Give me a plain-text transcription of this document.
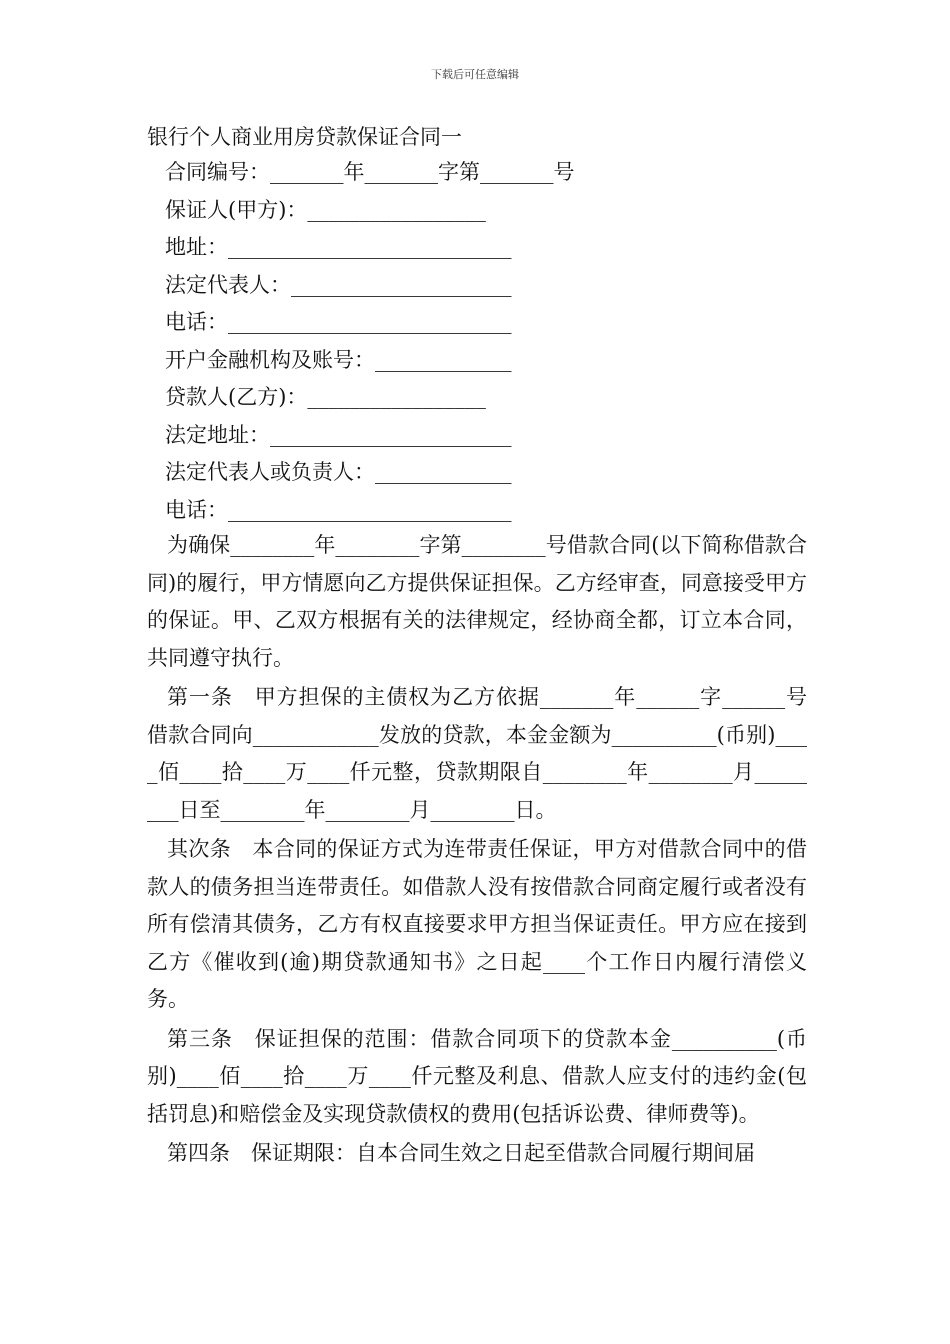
下载后可任意编辑
银行个人商业用房贷款保证合同一
合同编号：_______年_______字第_______号
保证人(甲方)：_________________
地址：___________________________
法定代表人：_____________________
电话：___________________________
开户金融机构及账号：_____________
贷款人(乙方)：_________________
法定地址：_______________________
法定代表人或负责人：_____________
电话：___________________________

为确保________年________字第________号借款合同(以下简称借款合同)的履行，甲方情愿向乙方提供保证担保。乙方经审查，同意接受甲方的保证。甲、乙双方根据有关的法律规定，经协商全都，订立本合同，共同遵守执行。

第一条　甲方担保的主债权为乙方依据_______年______字______号借款合同向____________发放的贷款，本金金额为__________(币别)____佰____拾____万____仟元整，贷款期限自________年________月________日至________年________月________日。

其次条　本合同的保证方式为连带责任保证，甲方对借款合同中的借款人的债务担当连带责任。如借款人没有按借款合同商定履行或者没有所有偿清其债务，乙方有权直接要求甲方担当保证责任。甲方应在接到乙方《催收到(逾)期贷款通知书》之日起____个工作日内履行清偿义务。

第三条　保证担保的范围：借款合同项下的贷款本金__________(币别)____佰____拾____万____仟元整及利息、借款人应支付的违约金(包括罚息)和赔偿金及实现贷款债权的费用(包括诉讼费、律师费等)。

第四条　保证期限：自本合同生效之日起至借款合同履行期间届
